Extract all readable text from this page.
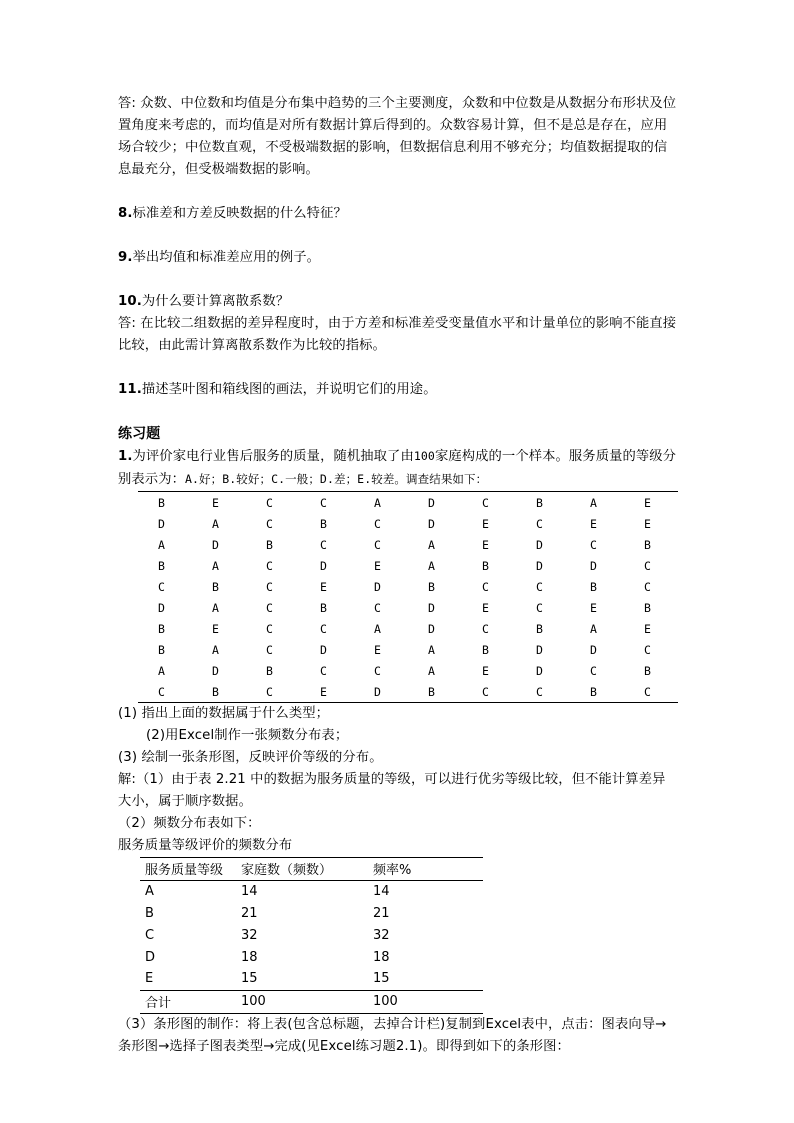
答: 众数、中位数和均值是分布集中趋势的三个主要测度，众数和中位数是从数据分布形状及位置角度来考虑的，而均值是对所有数据计算后得到的。众数容易计算，但不是总是存在，应用场合较少；中位数直观，不受极端数据的影响，但数据信息利用不够充分；均值数据提取的信息最充分，但受极端数据的影响。

8.标准差和方差反映数据的什么特征？

9.举出均值和标准差应用的例子。

10.为什么要计算离散系数？

答: 在比较二组数据的差异程度时，由于方差和标准差受变量值水平和计量单位的影响不能直接比较，由此需计算离散系数作为比较的指标。

11.描述茎叶图和箱线图的画法，并说明它们的用途。

练习题

1.为评价家电行业售后服务的质量，随机抽取了由100家庭构成的一个样本。服务质量的等级分别表示为：A.好；B.较好；C.一般；D.差；E.较差。调查结果如下：

B	E	C	C	A	D	C	B	A	E
D	A	C	B	C	D	E	C	E	E
A	D	B	C	C	A	E	D	C	B
B	A	C	D	E	A	B	D	D	C
C	B	C	E	D	B	C	C	B	C
D	A	C	B	C	D	E	C	E	B
B	E	C	C	A	D	C	B	A	E
B	A	C	D	E	A	B	D	D	C
A	D	B	C	C	A	E	D	C	B
C	B	C	E	D	B	C	C	B	C

(1) 指出上面的数据属于什么类型；

(2)用Excel制作一张频数分布表；

(3) 绘制一张条形图，反映评价等级的分布。

解:（1）由于表 2.21 中的数据为服务质量的等级，可以进行优劣等级比较，但不能计算差异大小，属于顺序数据。

（2）频数分布表如下：

服务质量等级评价的频数分布

服务质量等级	家庭数（频数）	频率%
A	14	14
B	21	21
C	32	32
D	18	18
E	15	15
合计	100	100

（3）条形图的制作：将上表(包含总标题，去掉合计栏)复制到Excel表中，点击：图表向导→条形图→选择子图表类型→完成(见Excel练习题2.1)。即得到如下的条形图：
